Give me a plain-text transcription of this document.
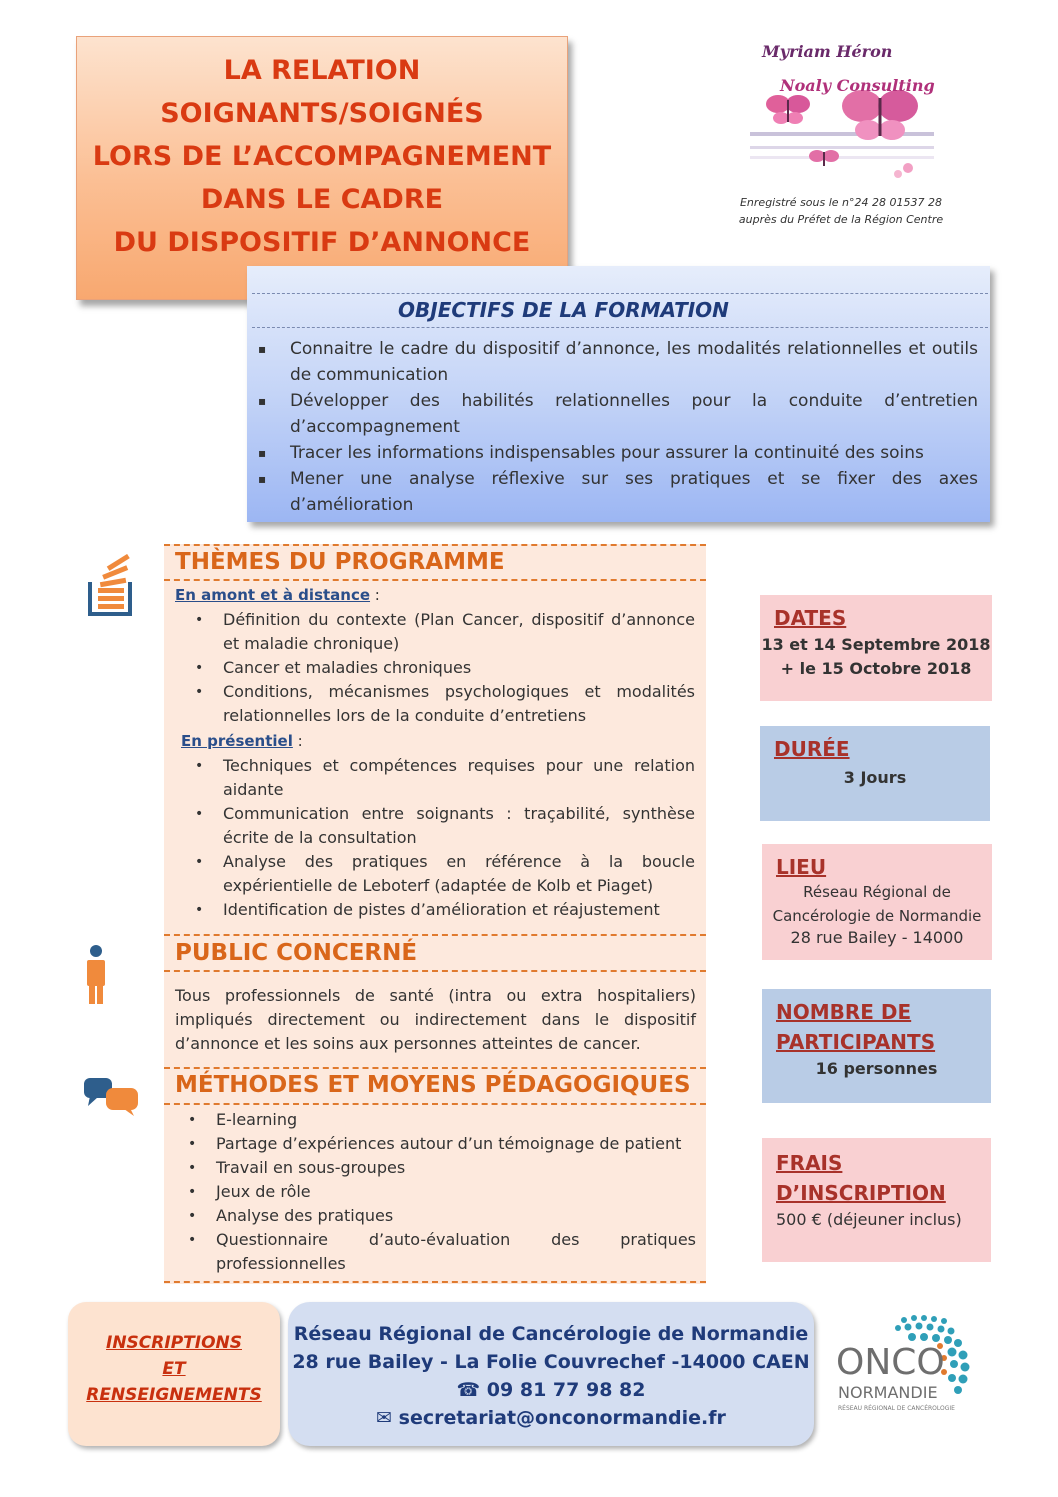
LA RELATION
SOIGNANTS/SOIGNÉS
LORS DE L’ACCOMPAGNEMENT
DANS LE CADRE
DU DISPOSITIF D’ANNONCE
Myriam Héron
Noaly Consulting
Enregistré sous le n°24 28 01537 28
auprès du Préfet de la Région Centre
OBJECTIFS DE LA FORMATION
▪ Connaitre le cadre du dispositif d’annonce, les modalités relationnelles et outils de communication
▪ Développer des habilités relationnelles pour la conduite d’entretien d’accompagnement
▪ Tracer les informations indispensables pour assurer la continuité des soins
▪ Mener une analyse réflexive sur ses pratiques et se fixer des axes d’amélioration
THÈMES DU PROGRAMME
En amont et à distance :
• Définition du contexte (Plan Cancer, dispositif d’annonce et maladie chronique)
• Cancer et maladies chroniques
• Conditions, mécanismes psychologiques et modalités relationnelles lors de la conduite d’entretiens
En présentiel :
• Techniques et compétences requises pour une relation aidante
• Communication entre soignants : traçabilité, synthèse écrite de la consultation
• Analyse des pratiques en référence à la boucle expérientielle de Leboterf (adaptée de Kolb et Piaget)
• Identification de pistes d’amélioration et réajustement
PUBLIC CONCERNÉ
Tous professionnels de santé (intra ou extra hospitaliers) impliqués directement ou indirectement dans le dispositif d’annonce et les soins aux personnes atteintes de cancer.
MÉTHODES ET MOYENS PÉDAGOGIQUES
• E-learning
• Partage d’expériences autour d’un témoignage de patient
• Travail en sous-groupes
• Jeux de rôle
• Analyse des pratiques
• Questionnaire d’auto-évaluation des pratiques professionnelles
DATES
13 et 14 Septembre 2018
+ le 15 Octobre 2018
DURÉE
3 Jours
LIEU
Réseau Régional de
Cancérologie de Normandie
28 rue Bailey - 14000
NOMBRE DE
PARTICIPANTS
16 personnes
FRAIS
D’INSCRIPTION
500 € (déjeuner inclus)
INSCRIPTIONS
ET
RENSEIGNEMENTS
Réseau Régional de Cancérologie de Normandie
28 rue Bailey - La Folie Couvrechef -14000 CAEN
☎ 09 81 77 98 82
✉ secretariat@onconormandie.fr
ONCO
NORMANDIE
RÉSEAU RÉGIONAL DE CANCÉROLOGIE
